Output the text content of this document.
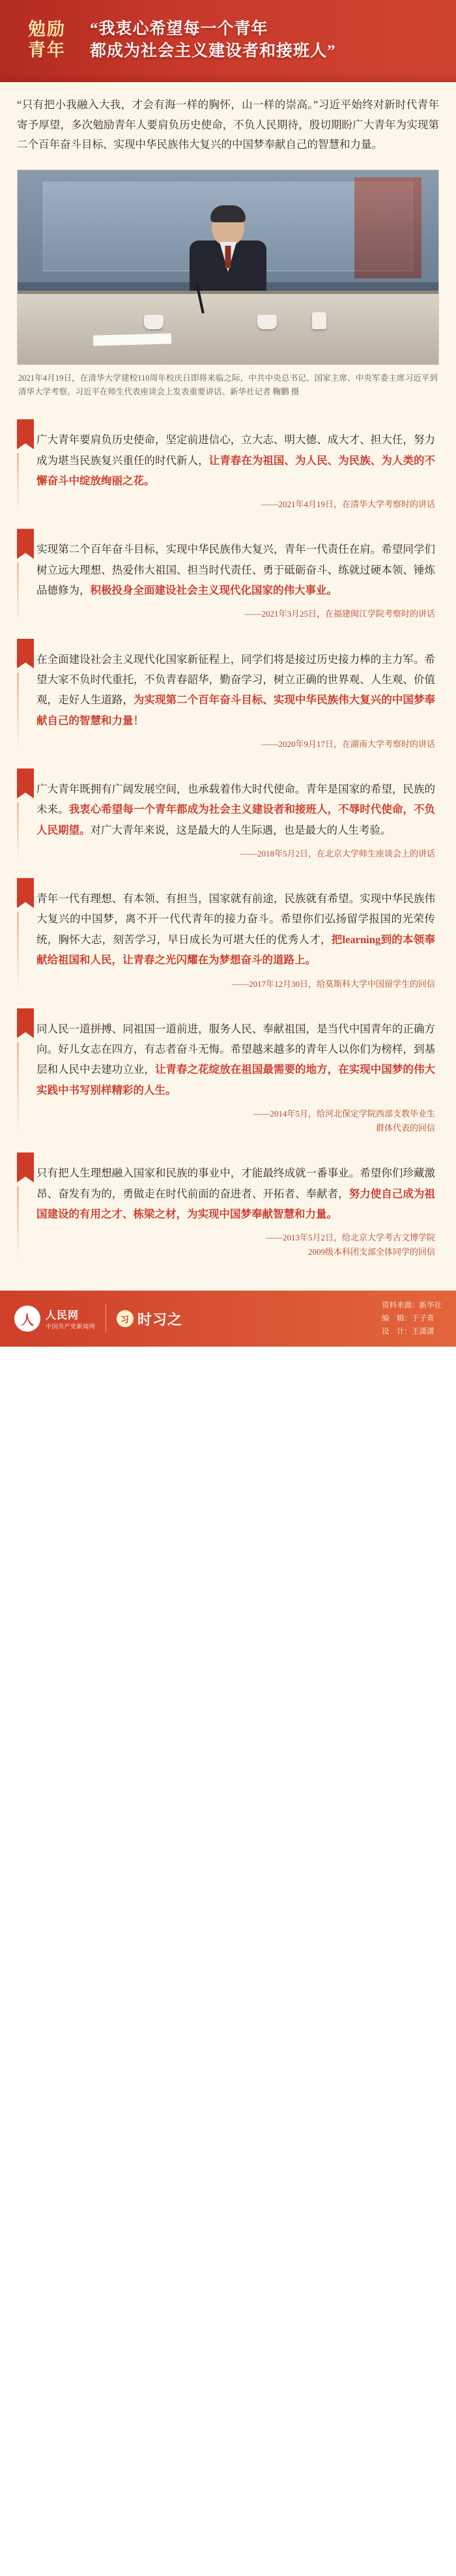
勉励
青年
“我衷心希望每一个青年
都成为社会主义建设者和接班人”

“只有把小我融入大我，才会有海一样的胸怀，山一样的崇高。”习近平始终对新时代青年寄予厚望，多次勉励青年人要肩负历史使命，不负人民期待，殷切期盼广大青年为实现第二个百年奋斗目标、实现中华民族伟大复兴的中国梦奉献自己的智慧和力量。

2021年4月19日，在清华大学建校110周年校庆日即将来临之际，中共中央总书记、国家主席、中央军委主席习近平到清华大学考察。习近平在师生代表座谈会上发表重要讲话。新华社记者 鞠鹏 摄

广大青年要肩负历史使命，坚定前进信心，立大志、明大德、成大才、担大任，努力成为堪当民族复兴重任的时代新人，让青春在为祖国、为人民、为民族、为人类的不懈奋斗中绽放绚丽之花。

——2021年4月19日，在清华大学考察时的讲话

实现第二个百年奋斗目标，实现中华民族伟大复兴，青年一代责任在肩。希望同学们树立远大理想、热爱伟大祖国、担当时代责任、勇于砥砺奋斗、练就过硬本领、锤炼品德修为，积极投身全面建设社会主义现代化国家的伟大事业。

——2021年3月25日，在福建闽江学院考察时的讲话

在全面建设社会主义现代化国家新征程上，同学们将是接过历史接力棒的主力军。希望大家不负时代重托，不负青春韶华，勤奋学习，树立正确的世界观、人生观、价值观，走好人生道路，为实现第二个百年奋斗目标、实现中华民族伟大复兴的中国梦奉献自己的智慧和力量！

——2020年9月17日，在湖南大学考察时的讲话

广大青年既拥有广阔发展空间，也承载着伟大时代使命。青年是国家的希望，民族的未来。我衷心希望每一个青年都成为社会主义建设者和接班人，不辱时代使命，不负人民期望。对广大青年来说，这是最大的人生际遇，也是最大的人生考验。

——2018年5月2日，在北京大学师生座谈会上的讲话

青年一代有理想、有本领、有担当，国家就有前途，民族就有希望。实现中华民族伟大复兴的中国梦，离不开一代代青年的接力奋斗。希望你们弘扬留学报国的光荣传统，胸怀大志，刻苦学习，早日成长为可堪大任的优秀人才，把learning到的本领奉献给祖国和人民，让青春之光闪耀在为梦想奋斗的道路上。

——2017年12月30日，给莫斯科大学中国留学生的回信

同人民一道拼搏、同祖国一道前进，服务人民、奉献祖国，是当代中国青年的正确方向。好儿女志在四方，有志者奋斗无悔。希望越来越多的青年人以你们为榜样，到基层和人民中去建功立业，让青春之花绽放在祖国最需要的地方，在实现中国梦的伟大实践中书写别样精彩的人生。

——2014年5月，给河北保定学院西部支教毕业生
群体代表的回信

只有把人生理想融入国家和民族的事业中，才能最终成就一番事业。希望你们珍藏激昂、奋发有为的，勇做走在时代前面的奋进者、开拓者、奉献者，努力使自己成为祖国建设的有用之才、栋梁之材，为实现中国梦奉献智慧和力量。

——2013年5月2日，给北京大学考古文博学院
2009级本科团支部全体同学的回信
人	人民网
中国共产党新闻网
习 时习之
资料来源：新华社
编　辑：于子青
设　计：王潇潇
